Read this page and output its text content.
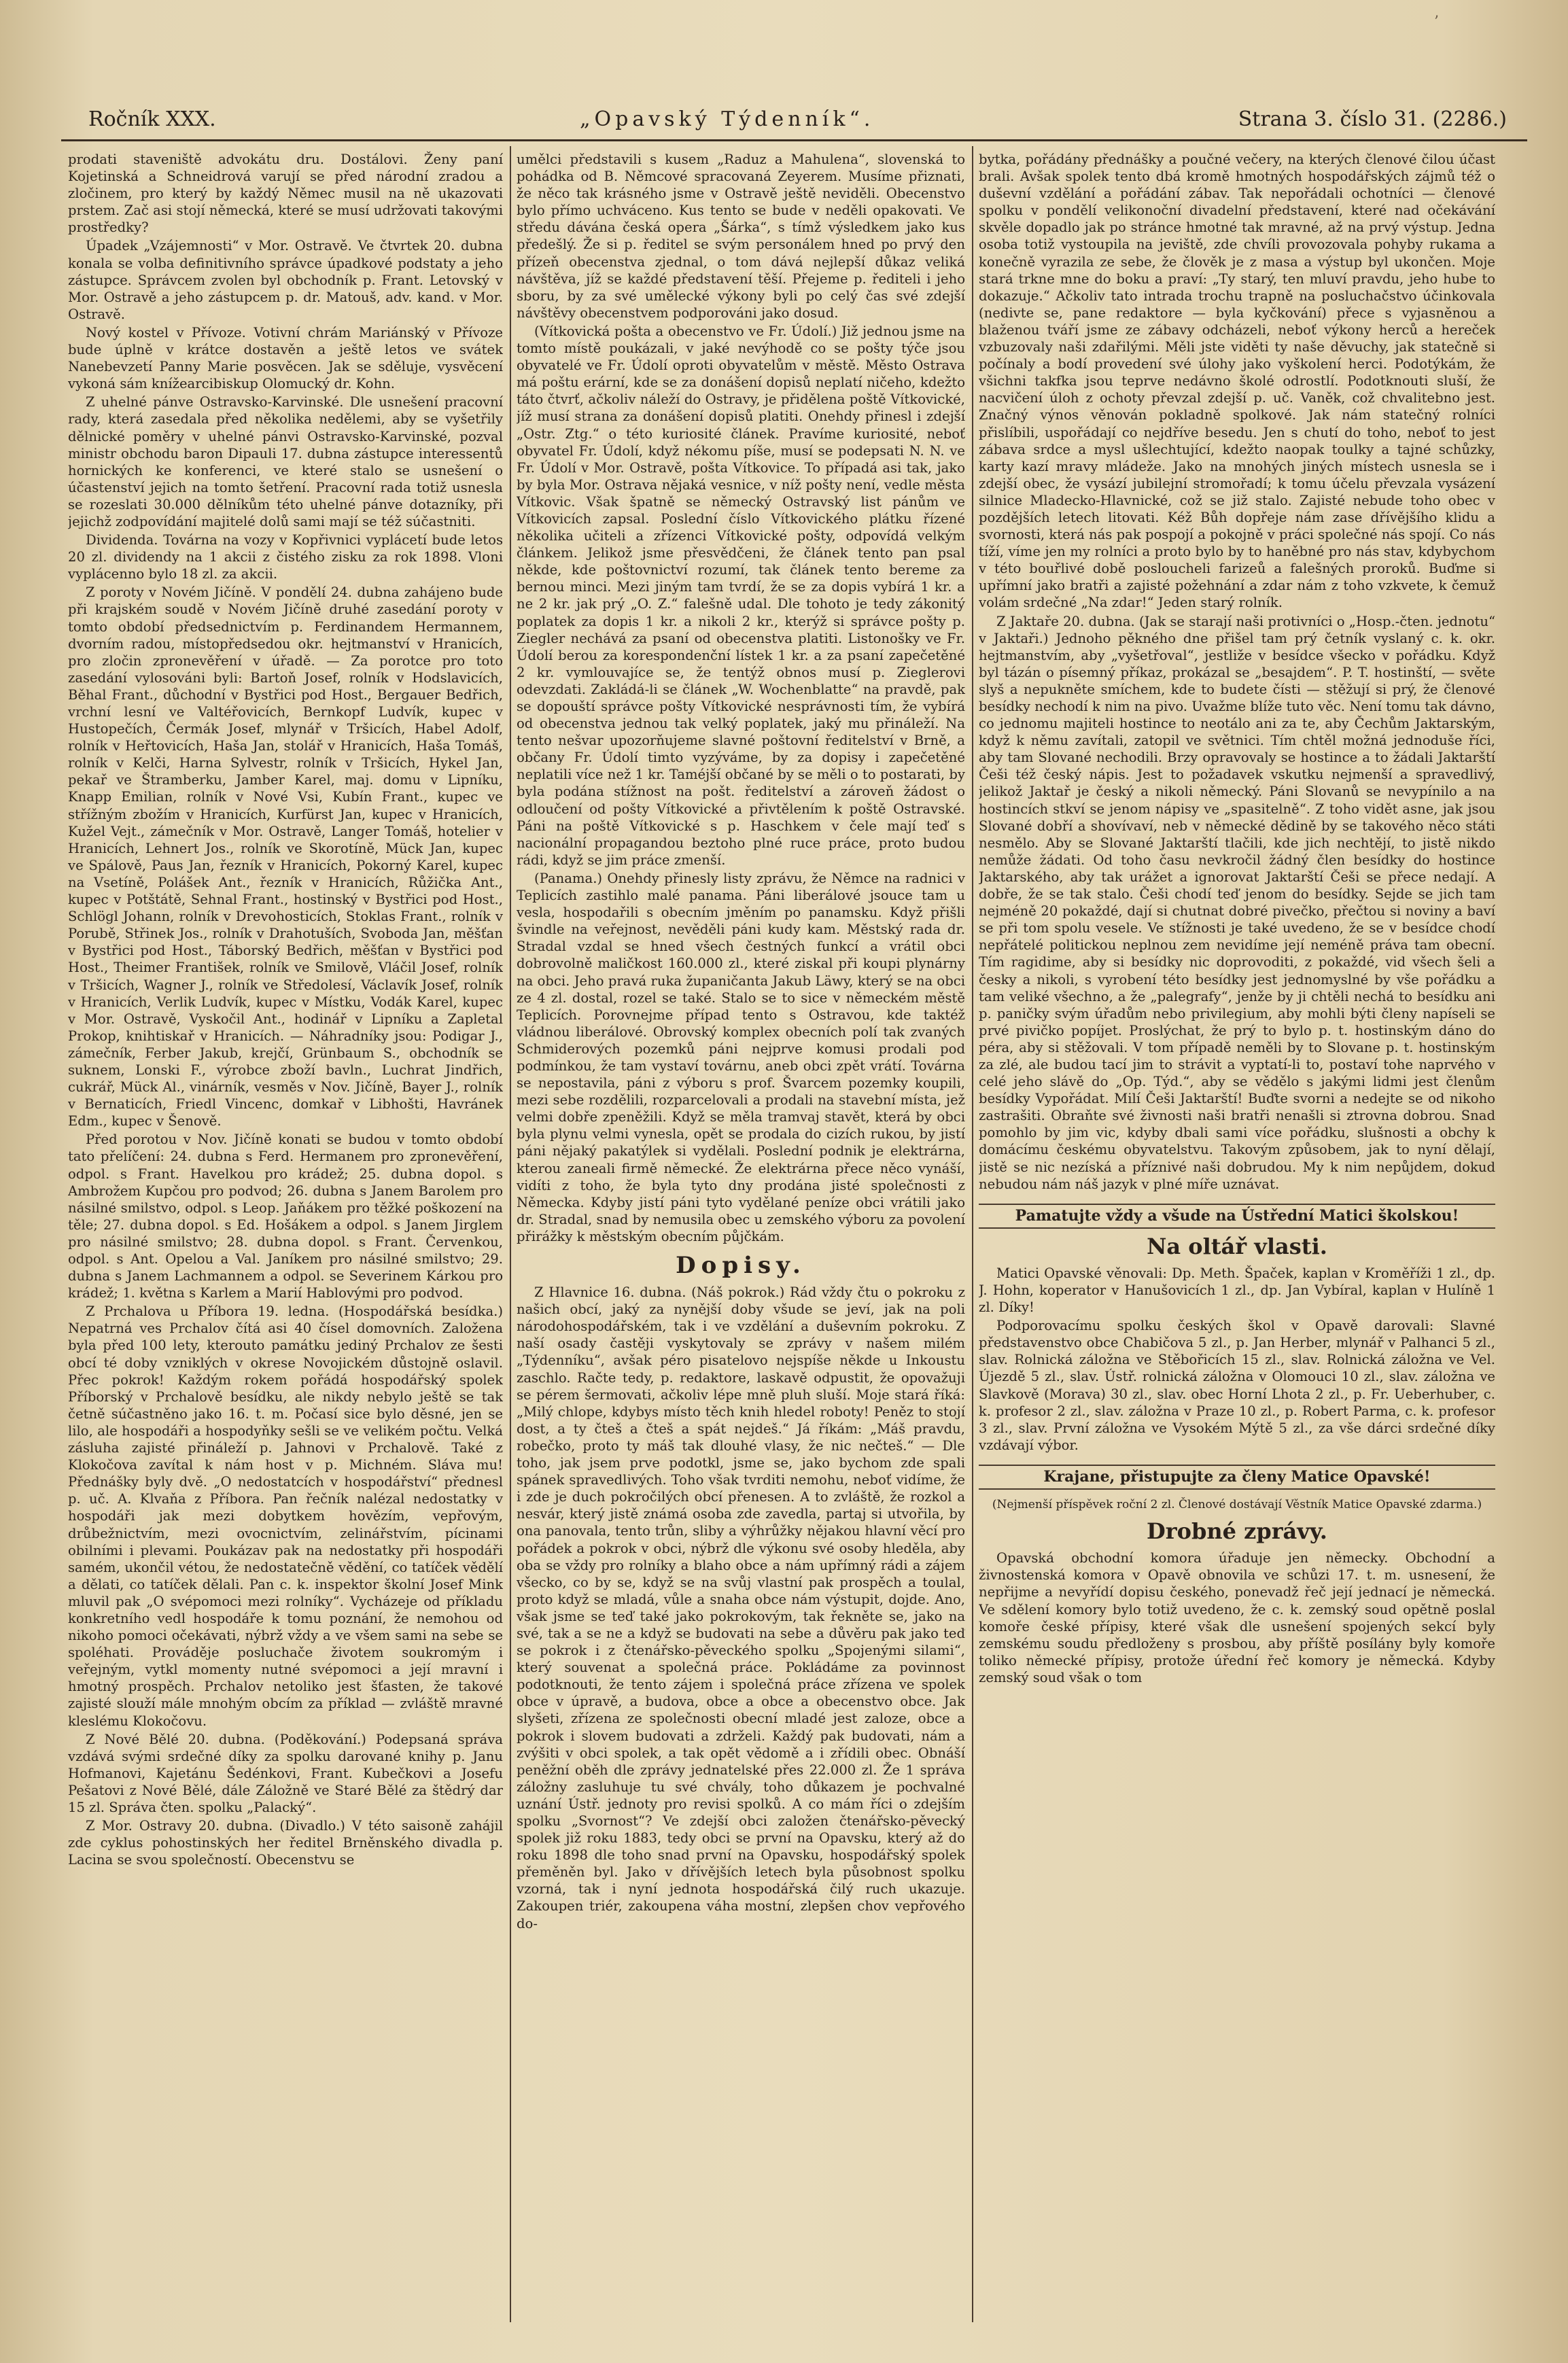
’
Ročník XXX.	„Opavský Týdenník“.	Strana 3. číslo 31. (2286.)

prodati staveniště advokátu dru. Dostálovi. Ženy paní Kojetinská a Schneidrová varují se před národní zradou a zločinem, pro který by každý Němec musil na ně ukazovati prstem. Zač asi stojí německá, které se musí udržovati takovými prostředky?

Úpadek „Vzájemnosti“ v Mor. Ostravě. Ve čtvrtek 20. dubna konala se volba definitivního správce úpadkové podstaty a jeho zástupce. Správcem zvolen byl obchodník p. Frant. Letovský v Mor. Ostravě a jeho zástupcem p. dr. Matouš, adv. kand. v Mor. Ostravě.

Nový kostel v Přívoze. Votivní chrám Mariánský v Přívoze bude úplně v krátce dostavěn a ještě letos ve svátek Nanebevzetí Panny Marie posvěcen. Jak se sděluje, vysvěcení vykoná sám knížearcibiskup Olomucký dr. Kohn.

Z uhelné pánve Ostravsko-Karvinské. Dle usnešení pracovní rady, která zasedala před několika nedělemi, aby se vyšetřily dělnické poměry v uhelné pánvi Ostravsko-Karvinské, pozval ministr obchodu baron Dipauli 17. dubna zástupce interessentů hornických ke konferenci, ve které stalo se usnešení o účastenství jejich na tomto šetření. Pracovní rada totiž usnesla se rozeslati 30.000 dělníkům této uhelné pánve dotazníky, při jejichž zodpovídání majitelé dolů sami mají se též súčastniti.

Dividenda. Továrna na vozy v Kopřivnici vyplácetí bude letos 20 zl. dividendy na 1 akcii z čistého zisku za rok 1898. Vloni vyplácenno bylo 18 zl. za akcii.

Z poroty v Novém Jičíně. V pondělí 24. dubna zahájeno bude při krajském soudě v Novém Jičíně druhé zasedání poroty v tomto období předsednictvím p. Ferdinandem Hermannem, dvorním radou, místopředsedou okr. hejtmanství v Hranicích, pro zločin zpronevěření v úřadě. — Za porotce pro toto zasedání vylosováni byli: Bartoň Josef, rolník v Hodslavicích, Běhal Frant., důchodní v Bystřici pod Host., Bergauer Bedřich, vrchní lesní ve Valtéřovicích, Bernkopf Ludvík, kupec v Hustopečích, Čermák Josef, mlynář v Tršicích, Habel Adolf, rolník v Heřtovicích, Haša Jan, stolář v Hranicích, Haša Tomáš, rolník v Kelči, Harna Sylvestr, rolník v Tršicích, Hykel Jan, pekař ve Štramberku, Jamber Karel, maj. domu v Lipníku, Knapp Emilian, rolník v Nové Vsi, Kubín Frant., kupec ve střížným zbožím v Hranicích, Kurfürst Jan, kupec v Hranicích, Kužel Vejt., zámečník v Mor. Ostravě, Langer Tomáš, hotelier v Hranicích, Lehnert Jos., rolník ve Skorotíně, Mück Jan, kupec ve Spálově, Paus Jan, řezník v Hranicích, Pokorný Karel, kupec na Vsetíně, Polášek Ant., řezník v Hranicích, Růžička Ant., kupec v Potštátě, Sehnal Frant., hostinský v Bystřici pod Host., Schlögl Johann, rolník v Drevohosticích, Stoklas Frant., rolník v Porubě, Střinek Jos., rolník v Drahotuších, Svoboda Jan, měšťan v Bystřici pod Host., Táborský Bedřich, měšťan v Bystřici pod Host., Theimer František, rolník ve Smilově, Vláčil Josef, rolník v Tršicích, Wagner J., rolník ve Středolesí, Václavík Josef, rolník v Hranicích, Verlik Ludvík, kupec v Místku, Vodák Karel, kupec v Mor. Ostravě, Vyskočil Ant., hodinář v Lipníku a Zapletal Prokop, knihtiskař v Hranicích. — Náhradníky jsou: Podigar J., zámečník, Ferber Jakub, krejčí, Grünbaum S., obchodník se suknem, Lonski F., výrobce zboží bavln., Luchrat Jindřich, cukrář, Mück Al., vinárník, vesměs v Nov. Jičíně, Bayer J., rolník v Bernaticích, Friedl Vincenc, domkař v Libhošti, Havránek Edm., kupec v Šenově.

Před porotou v Nov. Jičíně konati se budou v tomto období tato přelíčení: 24. dubna s Ferd. Hermanem pro zpronevěření, odpol. s Frant. Havelkou pro krádež; 25. dubna dopol. s Ambrožem Kupčou pro podvod; 26. dubna s Janem Barolem pro násilné smilstvo, odpol. s Leop. Jaňákem pro těžké poškození na těle; 27. dubna dopol. s Ed. Hošákem a odpol. s Janem Jirglem pro násilné smilstvo; 28. dubna dopol. s Frant. Červenkou, odpol. s Ant. Opelou a Val. Janíkem pro násilné smilstvo; 29. dubna s Janem Lachmannem a odpol. se Severinem Kárkou pro krádež; 1. května s Karlem a Marií Hablovými pro podvod.

Z Prchalova u Příbora 19. ledna. (Hospodářská besídka.) Nepatrná ves Prchalov čítá asi 40 čísel domovních. Založena byla před 100 lety, kterouto památku jediný Prchalov ze šesti obcí té doby vzniklých v okrese Novojickém důstojně oslavil. Přec pokrok! Každým rokem pořádá hospodářský spolek Příborský v Prchalově besídku, ale nikdy nebylo ještě se tak četně súčastněno jako 16. t. m. Počasí sice bylo děsné, jen se lilo, ale hospodáři a hospodyňky sešli se ve velikém počtu. Velká zásluha zajisté přináleží p. Jahnovi v Prchalově. Také z Klokočova zavítal k nám host v p. Michném. Sláva mu! Přednášky byly dvě. „O nedostatcích v hospodářství“ přednesl p. uč. A. Klvaňa z Příbora. Pan řečník nalézal nedostatky v hospodáři jak mezi dobytkem hovězím, vepřovým, drůbežnictvím, mezi ovocnictvím, zelinářstvím, pícinami obilními i plevami. Poukázav pak na nedostatky při hospodáři samém, ukončil vétou, že nedostatečně vědění, co tatíček vědělí a dělati, co tatíček dělali. Pan c. k. inspektor školní Josef Mink mluvil pak „O svépomoci mezi rolníky“. Vycházeje od příkladu konkretního vedl hospodáře k tomu poznání, že nemohou od nikoho pomoci očekávati, nýbrž vždy a ve všem sami na sebe se spoléhati. Prováděje posluchače životem soukromým i veřejným, vytkl momenty nutné svépomoci a její mravní i hmotný prospěch. Prchalov netoliko jest šťasten, že takové zajisté slouží mále mnohým obcím za příklad — zvláště mravné kleslému Klokočovu.

Z Nové Bělé 20. dubna. (Poděkování.) Podepsaná správa vzdává svými srdečné díky za spolku darované knihy p. Janu Hofmanovi, Kajetánu Šedénkovi, Frant. Kubečkovi a Josefu Pešatovi z Nové Bělé, dále Záložně ve Staré Bělé za štědrý dar 15 zl. Správa čten. spolku „Palacký“.

Z Mor. Ostravy 20. dubna. (Divadlo.) V této saisoně zahájil zde cyklus pohostinských her ředitel Brněnského divadla p. Lacina se svou společností. Obecenstvu se

umělci představili s kusem „Raduz a Mahulena“, slovenská to pohádka od B. Němcové spracovaná Zeyerem. Musíme přiznati, že něco tak krásného jsme v Ostravě ještě neviděli. Obecenstvo bylo přímo uchváceno. Kus tento se bude v neděli opakovati. Ve středu dávána česká opera „Šárka“, s tímž výsledkem jako kus předešlý. Že si p. ředitel se svým personálem hned po prvý den přízeň obecenstva zjednal, o tom dává nejlepší důkaz veliká návštěva, jíž se každé představení těší. Přejeme p. řediteli i jeho sboru, by za své umělecké výkony byli po celý čas své zdejší návštěvy obecenstvem podporováni jako dosud.

(Vítkovická pošta a obecenstvo ve Fr. Údolí.) Již jednou jsme na tomto místě poukázali, v jaké nevýhodě co se pošty týče jsou obyvatelé ve Fr. Údolí oproti obyvatelům v městě. Město Ostrava má poštu erární, kde se za donášení dopisů neplatí ničeho, kdežto táto čtvrť, ačkoliv náleží do Ostravy, je přidělena poště Vítkovické, jíž musí strana za donášení dopisů platiti. Onehdy přinesl i zdejší „Ostr. Ztg.“ o této kuriosité článek. Pravíme kuriosité, neboť obyvatel Fr. Údolí, když nékomu píše, musí se podepsati N. N. ve Fr. Údolí v Mor. Ostravě, pošta Vítkovice. To případá asi tak, jako by byla Mor. Ostrava nějaká vesnice, v níž pošty není, vedle města Vítkovic. Však špatně se německý Ostravský list pánům ve Vítkovicích zapsal. Poslední číslo Vítkovického plátku řízené několika učiteli a zřízenci Vítkovické pošty, odpovídá velkým článkem. Jelikož jsme přesvědčeni, že článek tento pan psal někde, kde poštovnictví rozumí, tak článek tento bereme za bernou minci. Mezi jiným tam tvrdí, že se za dopis vybírá 1 kr. a ne 2 kr. jak prý „O. Z.“ falešně udal. Dle tohoto je tedy zákonitý poplatek za dopis 1 kr. a nikoli 2 kr., kterýž si správce pošty p. Ziegler nechává za psaní od obecenstva platiti. Listonošky ve Fr. Údolí berou za korespondenční lístek 1 kr. a za psaní zapečetěné 2 kr. vymlouvajíce se, že tentýž obnos musí p. Zieglerovi odevzdati. Zakládá-li se článek „W. Wochenblatte“ na pravdě, pak se dopouští správce pošty Vítkovické nesprávnosti tím, že vybírá od obecenstva jednou tak velký poplatek, jaký mu přináleží. Na tento nešvar upozorňujeme slavné poštovní ředitelství v Brně, a občany Fr. Údolí timto vyzýváme, by za dopisy i zapečetěné neplatili více než 1 kr. Taméjší občané by se měli o to postarati, by byla podána stížnost na pošt. ředitelství a zároveň žádost o odloučení od pošty Vítkovické a přivtělením k poště Ostravské. Páni na poště Vítkovické s p. Haschkem v čele mají teď s nacionální propagandou beztoho plné ruce práce, proto budou rádi, když se jim práce zmenší.

(Panama.) Onehdy přinesly listy zprávu, že Němce na radnici v Teplicích zastihlo malé panama. Páni liberálové jsouce tam u vesla, hospodařili s obecním jměním po panamsku. Když přišli švindle na veřejnost, nevěděli páni kudy kam. Městský rada dr. Stradal vzdal se hned všech čestných funkcí a vrátil obci dobrovolně maličkost 160.000 zl., které ziskal při koupi plynárny na obci. Jeho pravá ruka županičanta Jakub Läwy, který se na obci ze 4 zl. dostal, rozel se také. Stalo se to sice v německém městě Teplicích. Porovnejme případ tento s Ostravou, kde taktéž vládnou liberálové. Obrovský komplex obecních polí tak zvaných Schmiderových pozemků páni nejprve komusi prodali pod podmínkou, že tam vystaví továrnu, aneb obci zpět vrátí. Továrna se nepostavila, páni z výboru s prof. Švarcem pozemky koupili, mezi sebe rozdělili, rozparcelovali a prodali na stavební místa, jež velmi dobře zpeněžili. Když se měla tramvaj stavět, která by obci byla plynu velmi vynesla, opět se prodala do cizích rukou, by jistí páni nějaký pakatýlek si vydělali. Poslední podnik je elektrárna, kterou zaneali firmě německé. Že elektrárna přece něco vynáší, vidíti z toho, že byla tyto dny prodána jisté společnosti z Německa. Kdyby jistí páni tyto vydělané peníze obci vrátili jako dr. Stradal, snad by nemusila obec u zemského výboru za povolení přirážky k městským obecním půjčkám.

Dopisy.

Z Hlavnice 16. dubna. (Náš pokrok.) Rád vždy čtu o pokroku z našich obcí, jaký za nynější doby všude se jeví, jak na poli národohospodářském, tak i ve vzdělání a duševním pokroku. Z naší osady častěji vyskytovaly se zprávy v našem milém „Týdenníku“, avšak péro pisatelovo nejspíše někde u Inkoustu zaschlo. Račte tedy, p. redaktore, laskavě odpustit, že opovažuji se pérem šermovati, ačkoliv lépe mně pluh sluší. Moje stará říká: „Milý chlope, kdybys místo těch knih hledel roboty! Peněz to stojí dost, a ty čteš a čteš a spát nejdeš.“ Já říkám: „Máš pravdu, robečko, proto ty máš tak dlouhé vlasy, že nic nečteš.“ — Dle toho, jak jsem prve podotkl, jsme se, jako bychom zde spali spánek spravedlivých. Toho však tvrditi nemohu, neboť vidíme, že i zde je duch pokročilých obcí přenesen. A to zvláště, že rozkol a nesvár, který jistě známá osoba zde zavedla, partaj si utvořila, by ona panovala, tento trůn, sliby a výhrůžky nějakou hlavní věcí pro pořádek a pokrok v obci, nýbrž dle výkonu své osoby hleděla, aby oba se vždy pro rolníky a blaho obce a nám upřímný rádi a zájem všecko, co by se, když se na svůj vlastní pak prospěch a toulal, proto když se mladá, vůle a snaha obce nám výstupit, dojde. Ano, však jsme se teď také jako pokrokovým, tak řekněte se, jako na své, tak a se ne a když se budovati na sebe a důvěru pak jako teď se pokrok i z čtenářsko-pěveckého spolku „Spojenými silami“, který souvenat a společná práce. Pokládáme za povinnost podotknouti, že tento zájem i společná práce zřízena ve spolek obce v úpravě, a budova, obce a obce a obecenstvo obce. Jak slyšeti, zřízena ze společnosti obecní mladé jest zaloze, obce a pokrok i slovem budovati a zdrželi. Každý pak budovati, nám a zvýšiti v obci spolek, a tak opět vědomě a i zřídili obec. Obnáší peněžní oběh dle zprávy jednatelské přes 22.000 zl. Že 1 správa záložny zasluhuje tu své chvály, toho důkazem je pochvalné uznání Ústř. jednoty pro revisi spolků. A co mám říci o zdejším spolku „Svornost“? Ve zdejší obci založen čtenářsko-pěvecký spolek již roku 1883, tedy obci se první na Opavsku, který až do roku 1898 dle toho snad první na Opavsku, hospodářský spolek přeměněn byl. Jako v dřívějších letech byla působnost spolku vzorná, tak i nyní jednota hospodářská čilý ruch ukazuje. Zakoupen triér, zakoupena váha mostní, zlepšen chov vepřového do-

bytka, pořádány přednášky a poučné večery, na kterých členové čilou účast brali. Avšak spolek tento dbá kromě hmotných hospodářských zájmů též o duševní vzdělání a pořádání zábav. Tak nepořádali ochotníci — členové spolku v pondělí velikonoční divadelní představení, které nad očekávání skvěle dopadlo jak po stránce hmotné tak mravné, až na prvý výstup. Jedna osoba totiž vystoupila na jeviště, zde chvíli provozovala pohyby rukama a konečně vyrazila ze sebe, že člověk je z masa a výstup byl ukončen. Moje stará trkne mne do boku a praví: „Ty starý, ten mluví pravdu, jeho hube to dokazuje.“ Ačkoliv tato intrada trochu trapně na posluchačstvo účinkovala (nedivte se, pane redaktore — byla kyčkování) přece s vyjasněnou a blaženou tváří jsme ze zábavy odcházeli, neboť výkony herců a hereček vzbuzovaly naši zdařilými. Měli jste viděti ty naše děvuchy, jak statečně si počínaly a bodí provedení své úlohy jako vyškolení herci. Podotýkám, že všichni takfka jsou teprve nedávno školé odrostlí. Podotknouti sluší, že nacvičení úloh z ochoty převzal zdejší p. uč. Vaněk, což chvalitebno jest. Značný výnos věnován pokladně spolkové. Jak nám statečný rolníci přislíbili, uspořádají co nejdříve besedu. Jen s chutí do toho, neboť to jest zábava srdce a mysl ušlechtující, kdežto naopak toulky a tajné schůzky, karty kazí mravy mládeže. Jako na mnohých jiných místech usnesla se i zdejší obec, že vysází jubilejní stromořadí; k tomu účelu převzala vysázení silnice Mladecko-Hlavnické, což se již stalo. Zajisté nebude toho obec v pozdějších letech litovati. Kéž Bůh dopřeje nám zase dřívějšího klidu a svornosti, která nás pak pospojí a pokojně v práci společné nás spojí. Co nás tíží, víme jen my rolníci a proto bylo by to haněbné pro nás stav, kdybychom v této bouřlivé době posloucheli farizeů a falešných proroků. Buďme si upřímní jako bratři a zajisté požehnání a zdar nám z toho vzkvete, k čemuž volám srdečné „Na zdar!“ Jeden starý rolník.

Z Jaktaře 20. dubna. (Jak se starají naši protivníci o „Hosp.-čten. jednotu“ v Jaktaři.) Jednoho pěkného dne přišel tam prý četník vyslaný c. k. okr. hejtmanstvím, aby „vyšetřoval“, jestliže v besídce všecko v pořádku. Když byl tázán o písemný příkaz, prokázal se „besajdem“. P. T. hostinští, — světe slyš a nepukněte smíchem, kde to budete čísti — stěžují si prý, že členové besídky nechodí k nim na pivo. Uvažme blíže tuto věc. Není tomu tak dávno, co jednomu majiteli hostince to neotálo ani za te, aby Čechům Jaktarským, když k němu zavítali, zatopil ve světnici. Tím chtěl možná jednoduše říci, aby tam Slované nechodili. Brzy opravovaly se hostince a to žádali Jaktarští Češi též český nápis. Jest to požadavek vskutku nejmenší a spravedlivý, jelikož Jaktař je český a nikoli německý. Páni Slovanů se nevypínilo a na hostincích stkví se jenom nápisy ve „spasitelně“. Z toho vidět asne, jak jsou Slované dobří a shovívaví, neb v německé dědině by se takového něco státi nesmělo. Aby se Slované Jaktarští tlačili, kde jich nechtějí, to jistě nikdo nemůže žádati. Od toho času nevkročil žádný člen besídky do hostince Jaktarského, aby tak urážet a ignorovat Jaktarští Češi se přece nedají. A dobře, že se tak stalo. Češi chodí teď jenom do besídky. Sejde se jich tam nejméně 20 pokaždé, dají si chutnat dobré pivečko, přečtou si noviny a baví se při tom spolu vesele. Ve stížnosti je také uvedeno, že se v besídce chodí nepřátelé politickou neplnou zem nevidíme její neméně práva tam obecní. Tím ragidime, aby si besídky nic doprovoditi, z pokaždé, vid všech šeli a česky a nikoli, s vyrobení této besídky jest jednomyslné by vše pořádku a tam veliké všechno, a že „palegrafy“, jenže by ji chtěli nechá to besídku ani p. paničky svým úřadům nebo privilegium, aby mohli býti členy napíseli se prvé pivičko popíjet. Proslýchat, že prý to bylo p. t. hostinským dáno do péra, aby si stěžovali. V tom případě neměli by to Slovane p. t. hostinským za zlé, ale budou tací jim to strávit a vyptatí-li to, postaví tohe naprvého v celé jeho slávě do „Op. Týd.“, aby se vědělo s jakými lidmi jest členům besídky Vypořádat. Milí Češi Jaktarští! Buďte svorni a nedejte se od nikoho zastrašiti. Obraňte své živnosti naši bratři nenašli si ztrovna dobrou. Snad pomohlo by jim vic, kdyby dbali sami více pořádku, slušnosti a obchy k domácímu českému obyvatelstvu. Takovým způsobem, jak to nyní dělají, jistě se nic nezíská a příznivé naši dobrudou. My k nim nepůjdem, dokud nebudou nám náš jazyk v plné míře uznávat.

Pamatujte vždy a všude na Ústřední Matici školskou!
Na oltář vlasti.

Matici Opavské věnovali: Dp. Meth. Špaček, kaplan v Kroměříži 1 zl., dp. J. Hohn, koperator v Hanušovicích 1 zl., dp. Jan Vybíral, kaplan v Hulíně 1 zl. Díky!

Podporovacímu spolku českých škol v Opavě darovali: Slavné představenstvo obce Chabičova 5 zl., p. Jan Herber, mlynář v Palhanci 5 zl., slav. Rolnická záložna ve Stěbořicích 15 zl., slav. Rolnická záložna ve Vel. Újezdě 5 zl., slav. Ústř. rolnická záložna v Olomouci 10 zl., slav. záložna ve Slavkově (Morava) 30 zl., slav. obec Horní Lhota 2 zl., p. Fr. Ueberhuber, c. k. profesor 2 zl., slav. záložna v Praze 10 zl., p. Robert Parma, c. k. profesor 3 zl., slav. První záložna ve Vysokém Mýtě 5 zl., za vše dárci srdečné díky vzdávají výbor.

Krajane, přistupujte za členy Matice Opavské!
(Nejmenší příspěvek roční 2 zl. Členové dostávají Věstník Matice Opavské zdarma.)
Drobné zprávy.

Opavská obchodní komora úřaduje jen německy. Obchodní a živnostenská komora v Opavě obnovila ve schůzi 17. t. m. usnesení, že nepřijme a nevyřídí dopisu českého, ponevadž řeč její jednací je německá. Ve sdělení komory bylo totiž uvedeno, že c. k. zemský soud opětně poslal komoře české přípisy, které však dle usnešení spojených sekcí byly zemskému soudu předloženy s prosbou, aby příště posílány byly komoře toliko německé přípisy, protože úřední řeč komory je německá. Kdyby zemský soud však o tom
